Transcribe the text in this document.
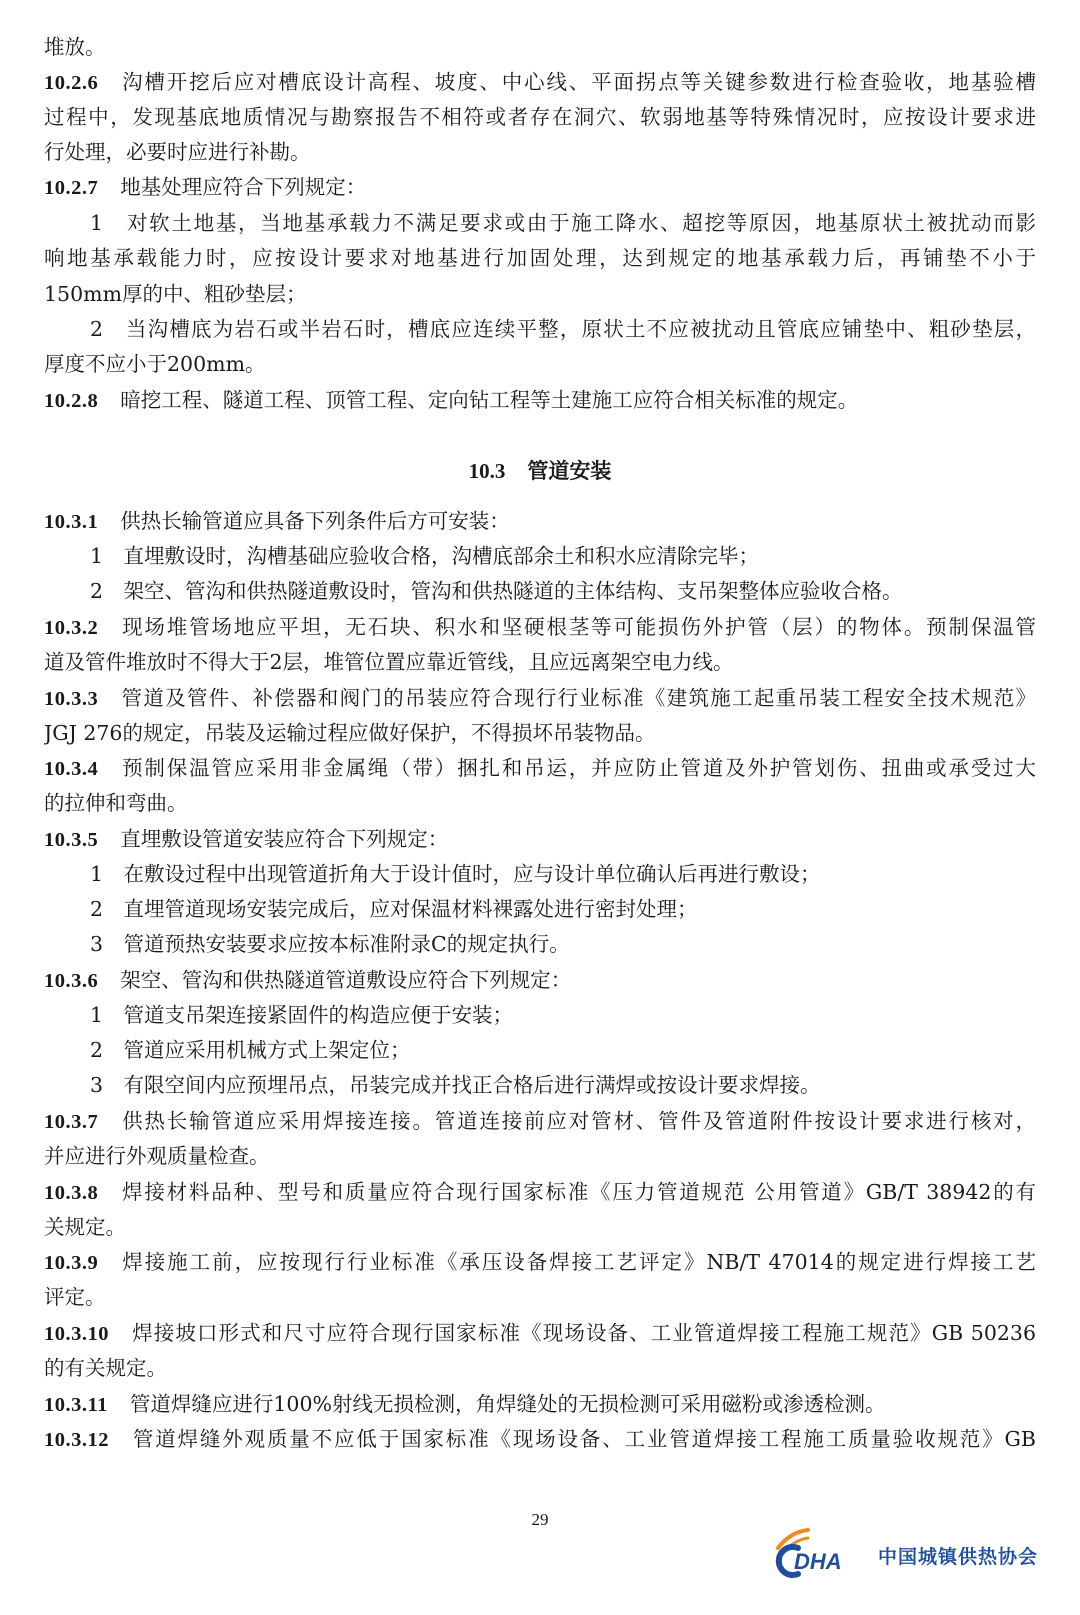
堆放。
10.2.6 沟槽开挖后应对槽底设计高程、坡度、中心线、平面拐点等关键参数进行检查验收，地基验槽
过程中，发现基底地质情况与勘察报告不相符或者存在洞穴、软弱地基等特殊情况时，应按设计要求进
行处理，必要时应进行补勘。
10.2.7 地基处理应符合下列规定：
1　对软土地基，当地基承载力不满足要求或由于施工降水、超挖等原因，地基原状土被扰动而影
响地基承载能力时，应按设计要求对地基进行加固处理，达到规定的地基承载力后，再铺垫不小于
150mm厚的中、粗砂垫层；
2　当沟槽底为岩石或半岩石时，槽底应连续平整，原状土不应被扰动且管底应铺垫中、粗砂垫层，
厚度不应小于200mm。
10.2.8 暗挖工程、隧道工程、顶管工程、定向钻工程等土建施工应符合相关标准的规定。
10.3 管道安装
10.3.1 供热长输管道应具备下列条件后方可安装：
1　直埋敷设时，沟槽基础应验收合格，沟槽底部余土和积水应清除完毕；
2　架空、管沟和供热隧道敷设时，管沟和供热隧道的主体结构、支吊架整体应验收合格。
10.3.2 现场堆管场地应平坦，无石块、积水和坚硬根茎等可能损伤外护管（层）的物体。预制保温管
道及管件堆放时不得大于2层，堆管位置应靠近管线，且应远离架空电力线。
10.3.3 管道及管件、补偿器和阀门的吊装应符合现行行业标准《建筑施工起重吊装工程安全技术规范》
JGJ 276的规定，吊装及运输过程应做好保护，不得损坏吊装物品。
10.3.4 预制保温管应采用非金属绳（带）捆扎和吊运，并应防止管道及外护管划伤、扭曲或承受过大
的拉伸和弯曲。
10.3.5 直埋敷设管道安装应符合下列规定：
1　在敷设过程中出现管道折角大于设计值时，应与设计单位确认后再进行敷设；
2　直埋管道现场安装完成后，应对保温材料裸露处进行密封处理；
3　管道预热安装要求应按本标准附录C的规定执行。
10.3.6 架空、管沟和供热隧道管道敷设应符合下列规定：
1　管道支吊架连接紧固件的构造应便于安装；
2　管道应采用机械方式上架定位；
3　有限空间内应预埋吊点，吊装完成并找正合格后进行满焊或按设计要求焊接。
10.3.7 供热长输管道应采用焊接连接。管道连接前应对管材、管件及管道附件按设计要求进行核对，
并应进行外观质量检查。
10.3.8 焊接材料品种、型号和质量应符合现行国家标准《压力管道规范 公用管道》GB/T 38942的有
关规定。
10.3.9 焊接施工前，应按现行行业标准《承压设备焊接工艺评定》NB/T 47014的规定进行焊接工艺
评定。
10.3.10 焊接坡口形式和尺寸应符合现行国家标准《现场设备、工业管道焊接工程施工规范》GB 50236
的有关规定。
10.3.11 管道焊缝应进行100%射线无损检测，角焊缝处的无损检测可采用磁粉或渗透检测。
10.3.12 管道焊缝外观质量不应低于国家标准《现场设备、工业管道焊接工程施工质量验收规范》GB
29
DHA 中国城镇供热协会
